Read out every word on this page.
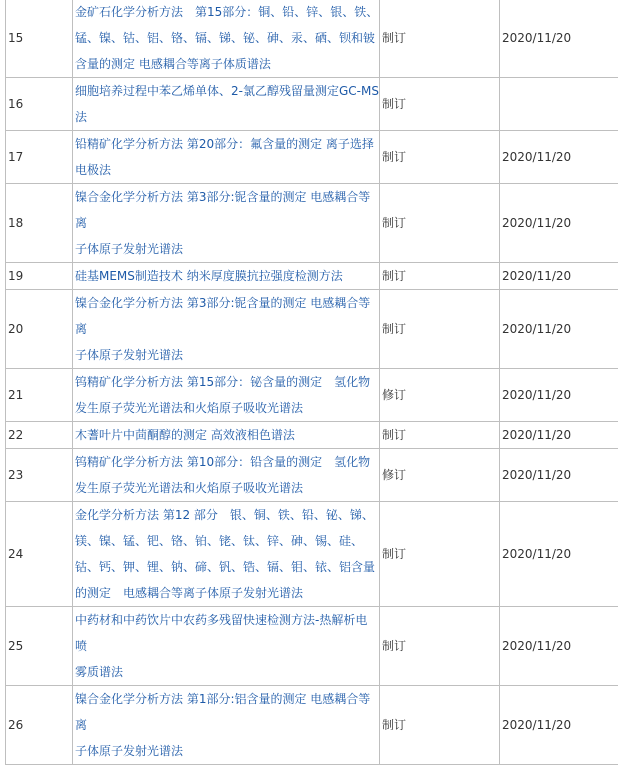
15	金矿石化学分析方法　第15部分：铜、铅、锌、银、铁、
锰、镍、钴、铝、铬、镉、锑、铋、砷、汞、硒、钡和铍
含量的测定 电感耦合等离子体质谱法	制订	2020/11/20
16	细胞培养过程中苯乙烯单体、2-氯乙醇残留量测定GC-MS
法	制订	
17	铅精矿化学分析方法 第20部分：氟含量的测定 离子选择
电极法	制订	2020/11/20
18	镍合金化学分析方法 第3部分:铌含量的测定 电感耦合等离
子体原子发射光谱法	制订	2020/11/20
19	硅基MEMS制造技术 纳米厚度膜抗拉强度检测方法	制订	2020/11/20
20	镍合金化学分析方法 第3部分:铌含量的测定 电感耦合等离
子体原子发射光谱法	制订	2020/11/20
21	钨精矿化学分析方法 第15部分：铋含量的测定　氢化物
发生原子荧光光谱法和火焰原子吸收光谱法	修订	2020/11/20
22	木蓍叶片中茴酮醇的测定 高效液相色谱法	制订	2020/11/20
23	钨精矿化学分析方法 第10部分：铅含量的测定　氢化物
发生原子荧光光谱法和火焰原子吸收光谱法	修订	2020/11/20
24	金化学分析方法 第12 部分　银、铜、铁、铅、铋、锑、
镁、镍、锰、钯、铬、铂、铑、钛、锌、砷、锡、硅、
钴、钙、钾、锂、钠、碲、钒、锆、镉、钼、铱、铝含量
的测定　电感耦合等离子体原子发射光谱法	制订	2020/11/20
25	中药材和中药饮片中农药多残留快速检测方法-热解析电喷
雾质谱法	制订	2020/11/20
26	镍合金化学分析方法 第1部分:铝含量的测定 电感耦合等离
子体原子发射光谱法	制订	2020/11/20
